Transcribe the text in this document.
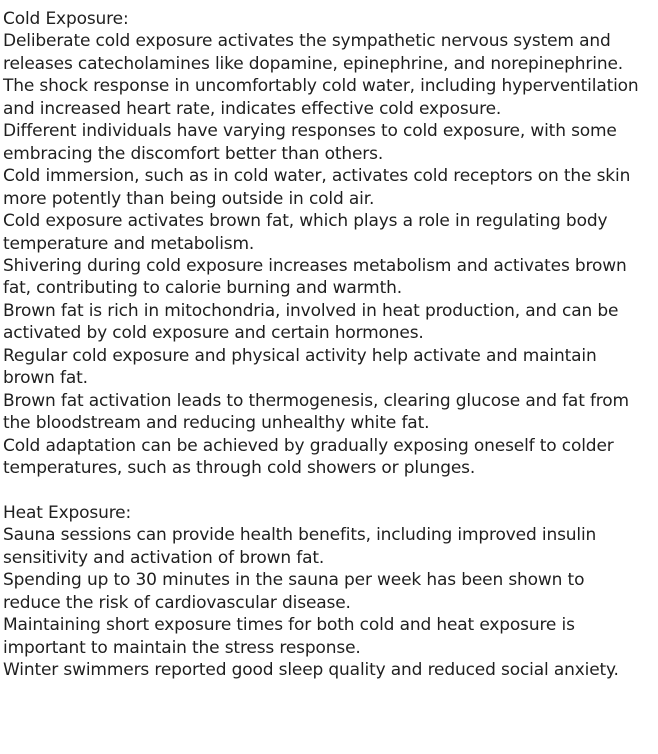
Cold Exposure:

Deliberate cold exposure activates the sympathetic nervous system and releases catecholamines like dopamine, epinephrine, and norepinephrine.

The shock response in uncomfortably cold water, including hyperventilation and increased heart rate, indicates effective cold exposure.

Different individuals have varying responses to cold exposure, with some embracing the discomfort better than others.

Cold immersion, such as in cold water, activates cold receptors on the skin more potently than being outside in cold air.

Cold exposure activates brown fat, which plays a role in regulating body temperature and metabolism.

Shivering during cold exposure increases metabolism and activates brown fat, contributing to calorie burning and warmth.

Brown fat is rich in mitochondria, involved in heat production, and can be activated by cold exposure and certain hormones.

Regular cold exposure and physical activity help activate and maintain brown fat.

Brown fat activation leads to thermogenesis, clearing glucose and fat from the bloodstream and reducing unhealthy white fat.

Cold adaptation can be achieved by gradually exposing oneself to colder temperatures, such as through cold showers or plunges.

Heat Exposure:

Sauna sessions can provide health benefits, including improved insulin sensitivity and activation of brown fat.

Spending up to 30 minutes in the sauna per week has been shown to reduce the risk of cardiovascular disease.

Maintaining short exposure times for both cold and heat exposure is important to maintain the stress response.

Winter swimmers reported good sleep quality and reduced social anxiety.
